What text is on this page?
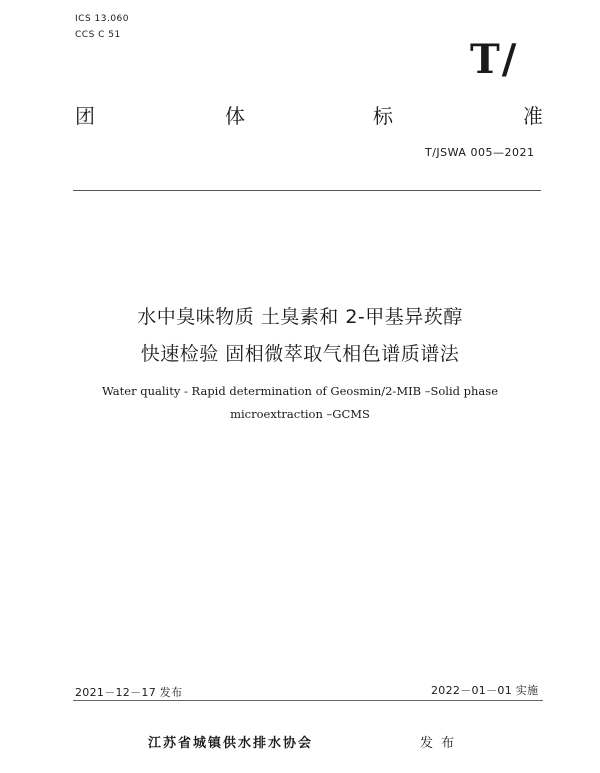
ICS 13.060
CCS C 51
T/
团	体	标	准
T/JSWA 005—2021
水中臭味物质 土臭素和 2-甲基异莰醇
快速检验 固相微萃取气相色谱质谱法
Water quality - Rapid determination of Geosmin/2-MIB –Solid phase
microextraction –GCMS
2021－12－17 发布	2022－01－01 实施
江苏省城镇供水排水协会	发 布
